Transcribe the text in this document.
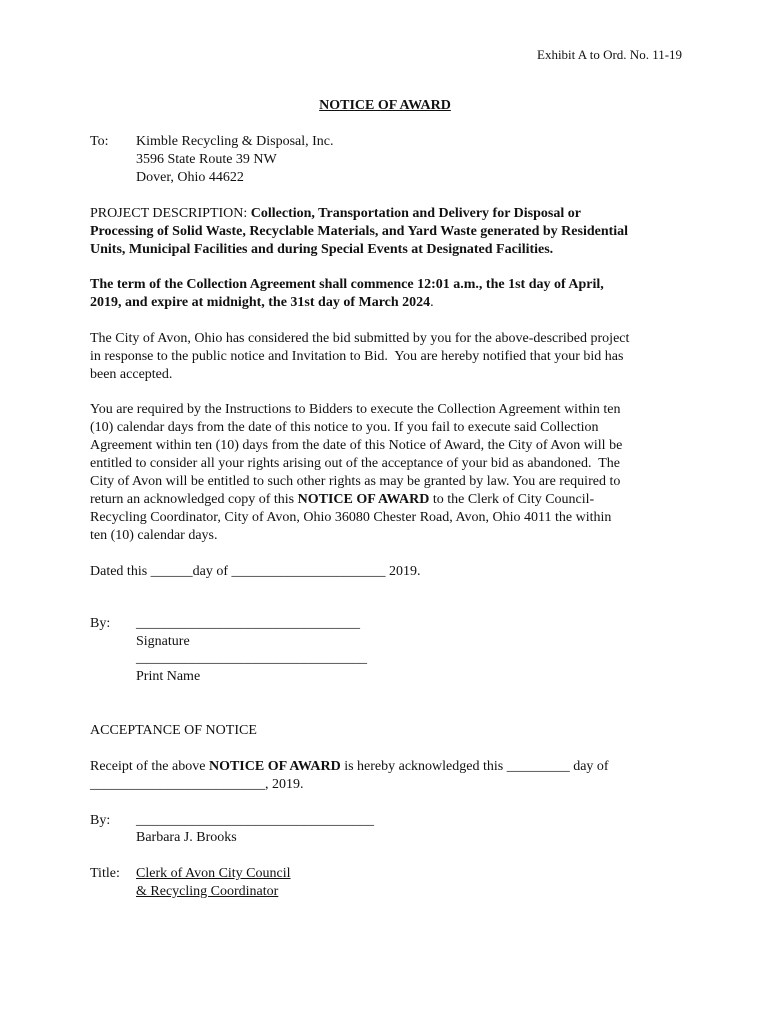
Exhibit A to Ord. No. 11-19
NOTICE OF AWARD
To: Kimble Recycling & Disposal, Inc.
3596 State Route 39 NW
Dover, Ohio 44622
PROJECT DESCRIPTION: Collection, Transportation and Delivery for Disposal or
Processing of Solid Waste, Recyclable Materials, and Yard Waste generated by Residential
Units, Municipal Facilities and during Special Events at Designated Facilities.
The term of the Collection Agreement shall commence 12:01 a.m., the 1st day of April,
2019, and expire at midnight, the 31st day of March 2024.
The City of Avon, Ohio has considered the bid submitted by you for the above-described project
in response to the public notice and Invitation to Bid.  You are hereby notified that your bid has
been accepted.
You are required by the Instructions to Bidders to execute the Collection Agreement within ten
(10) calendar days from the date of this notice to you. If you fail to execute said Collection
Agreement within ten (10) days from the date of this Notice of Award, the City of Avon will be
entitled to consider all your rights arising out of the acceptance of your bid as abandoned.  The
City of Avon will be entitled to such other rights as may be granted by law. You are required to
return an acknowledged copy of this NOTICE OF AWARD to the Clerk of City Council-
Recycling Coordinator, City of Avon, Ohio 36080 Chester Road, Avon, Ohio 4011 the within
ten (10) calendar days.
Dated this ______day of ______________________ 2019.
By: ________________________________
Signature
_________________________________
Print Name
ACCEPTANCE OF NOTICE
Receipt of the above NOTICE OF AWARD is hereby acknowledged this _________ day of
_________________________, 2019.
By: __________________________________
Barbara J. Brooks
Title: Clerk of Avon City Council
& Recycling Coordinator
